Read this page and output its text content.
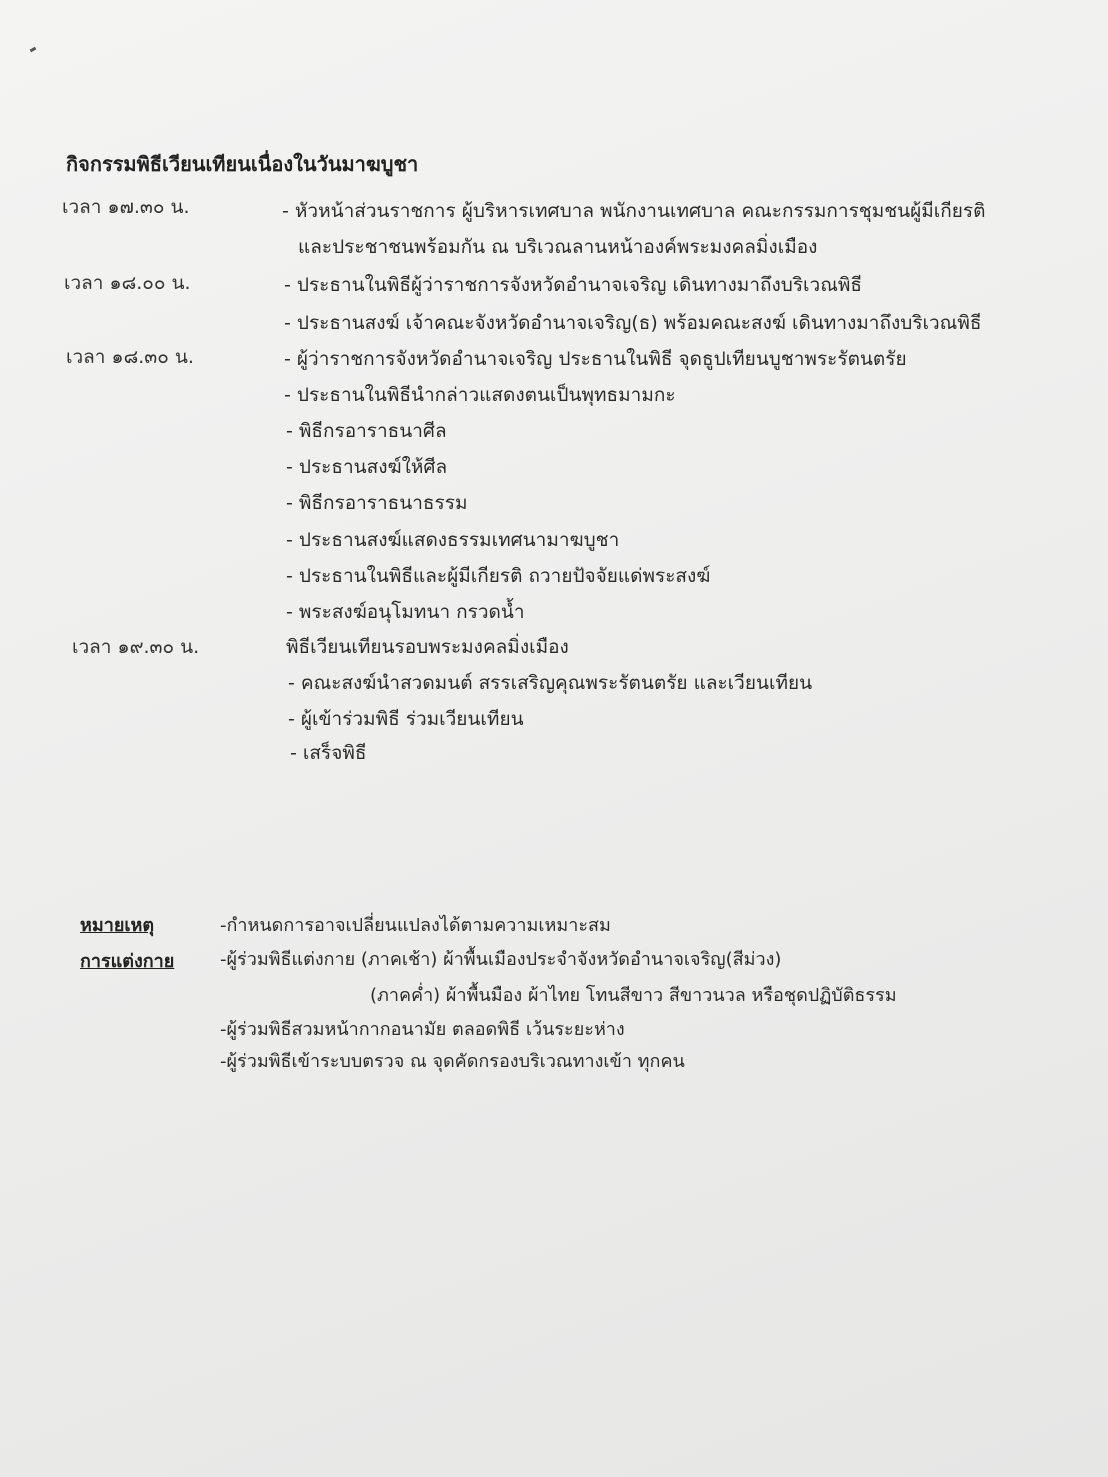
กิจกรรมพิธีเวียนเทียนเนื่องในวันมาฆบูชา
เวลา ๑๗.๓๐ น.	- หัวหน้าส่วนราชการ ผู้บริหารเทศบาล พนักงานเทศบาล คณะกรรมการชุมชนผู้มีเกียรติ
และประชาชนพร้อมกัน ณ บริเวณลานหน้าองค์พระมงคลมิ่งเมือง
เวลา ๑๘.๐๐ น.	- ประธานในพิธีผู้ว่าราชการจังหวัดอำนาจเจริญ เดินทางมาถึงบริเวณพิธี
- ประธานสงฆ์ เจ้าคณะจังหวัดอำนาจเจริญ(ธ) พร้อมคณะสงฆ์ เดินทางมาถึงบริเวณพิธี
เวลา ๑๘.๓๐ น.	- ผู้ว่าราชการจังหวัดอำนาจเจริญ ประธานในพิธี จุดธูปเทียนบูชาพระรัตนตรัย
- ประธานในพิธีนำกล่าวแสดงตนเป็นพุทธมามกะ
- พิธีกรอาราธนาศีล
- ประธานสงฆ์ให้ศีล
- พิธีกรอาราธนาธรรม
- ประธานสงฆ์แสดงธรรมเทศนามาฆบูชา
- ประธานในพิธีและผู้มีเกียรติ ถวายปัจจัยแด่พระสงฆ์
- พระสงฆ์อนุโมทนา กรวดน้ำ
เวลา ๑๙.๓๐ น.	พิธีเวียนเทียนรอบพระมงคลมิ่งเมือง
- คณะสงฆ์นำสวดมนต์ สรรเสริญคุณพระรัตนตรัย และเวียนเทียน
- ผู้เข้าร่วมพิธี ร่วมเวียนเทียน
- เสร็จพิธี
หมายเหตุ	-กำหนดการอาจเปลี่ยนแปลงได้ตามความเหมาะสม
การแต่งกาย	-ผู้ร่วมพิธีแต่งกาย (ภาคเช้า) ผ้าพื้นเมืองประจำจังหวัดอำนาจเจริญ(สีม่วง)
(ภาคค่ำ) ผ้าพื้นมือง ผ้าไทย โทนสีขาว สีขาวนวล หรือชุดปฏิบัติธรรม
-ผู้ร่วมพิธีสวมหน้ากากอนามัย ตลอดพิธี เว้นระยะห่าง
-ผู้ร่วมพิธีเข้าระบบตรวจ ณ จุดคัดกรองบริเวณทางเข้า ทุกคน
